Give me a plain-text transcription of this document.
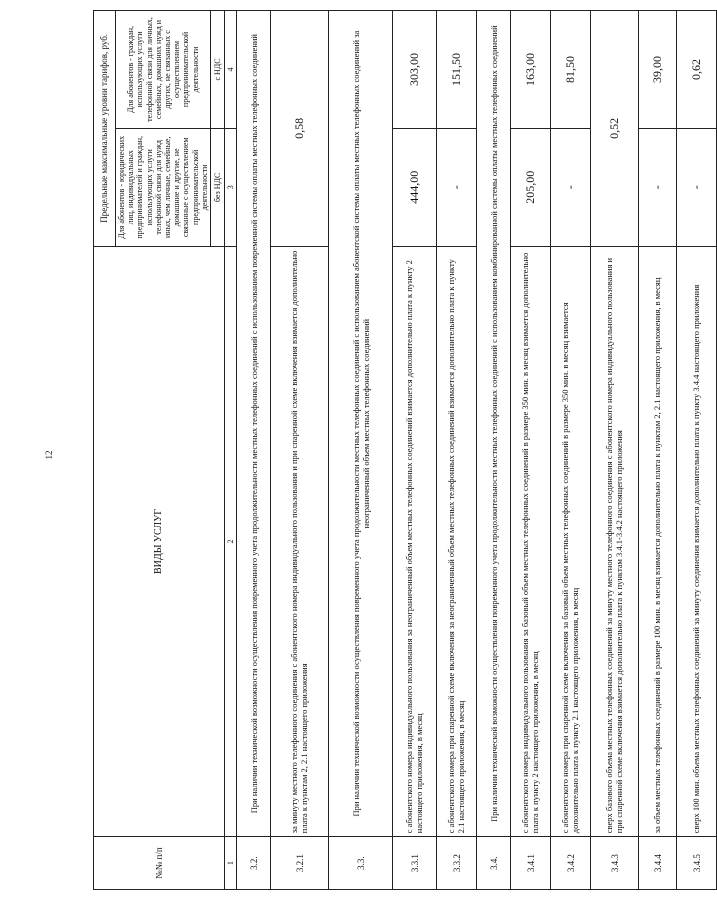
12
№№ п/п	ВИДЫ УСЛУГ	Предельные максимальные уровни тарифов, руб.	
		Для абонентов - юридических лиц, индивидуальных предпринимателей и граждан, использующих услуги телефонной связи для нужд иных, чем личные, семейные, домашние и другие, не связанные с осуществлением предпринимательской деятельности	Для абонентов - граждан, использующих услуги телефонной связи для личных, семейных, домашних нужд и других, не связанных с осуществлением предпринимательской деятельности
		без НДС	с НДС
1	2	3	4
3.2.	При наличии технической возможности осуществления повременного учета продолжительности местных телефонных соединений с использованием повременной системы оплаты местных телефонных соединений		
3.2.1	за минуту местного телефонного соединения с абонентского номера индивидуального пользования и при спаренной схеме включения взимается дополнительно плата к пунктам 2, 2.1 настоящего приложения	0,58	
3.3.	При наличии технической возможности осуществления повременного учета продолжительности местных телефонных соединений с использованием абонентской системы оплаты местных телефонных соединений за неограниченный объем местных телефонных соединений		
3.3.1	с абонентского номера индивидуального пользования за неограниченный объем местных телефонных соединений взимается дополнительно плата к пункту 2 настоящего приложения, в месяц	444,00	303,00
3.3.2	с абонентского номера при спаренной схеме включения за неограниченный объем местных телефонных соединений взимается дополнительно плата к пункту 2.1 настоящего приложения, в месяц	-	151,50
3.4.	При наличии технической возможности осуществления повременного учета продолжительности местных телефонных соединений с использованием комбинированной системы оплаты местных телефонных соединений		
3.4.1	с абонентского номера индивидуального пользования за базовый объем местных телефонных соединений в размере 350 мин. в месяц взимается дополнительно плата к пункту 2 настоящего приложения, в месяц	205,00	163,00
3.4.2	с абонентского номера при спаренной схеме включения за базовый объем местных телефонных соединений в размере 350 мин. в месяц взимается дополнительно плата к пункту 2.1 настоящего приложения, в месяц	-	81,50
3.4.3	сверх базового объема местных телефонных соединений за минуту местного телефонного соединения с абонентского номера индивидуального пользования и при спаренной схеме включения взимается дополнительно плата к пунктам 3.4.1-3.4.2 настоящего приложения	0,52	
3.4.4	за объем местных телефонных соединений в размере 100 мин. в месяц взимается дополнительно плата к пунктам 2, 2.1 настоящего приложения, в месяц	-	39,00
3.4.5	сверх 100 мин. объема местных телефонных соединений за минуту соединения взимается дополнительно плата к пункту 3.4.4 настоящего приложения	-	0,62
